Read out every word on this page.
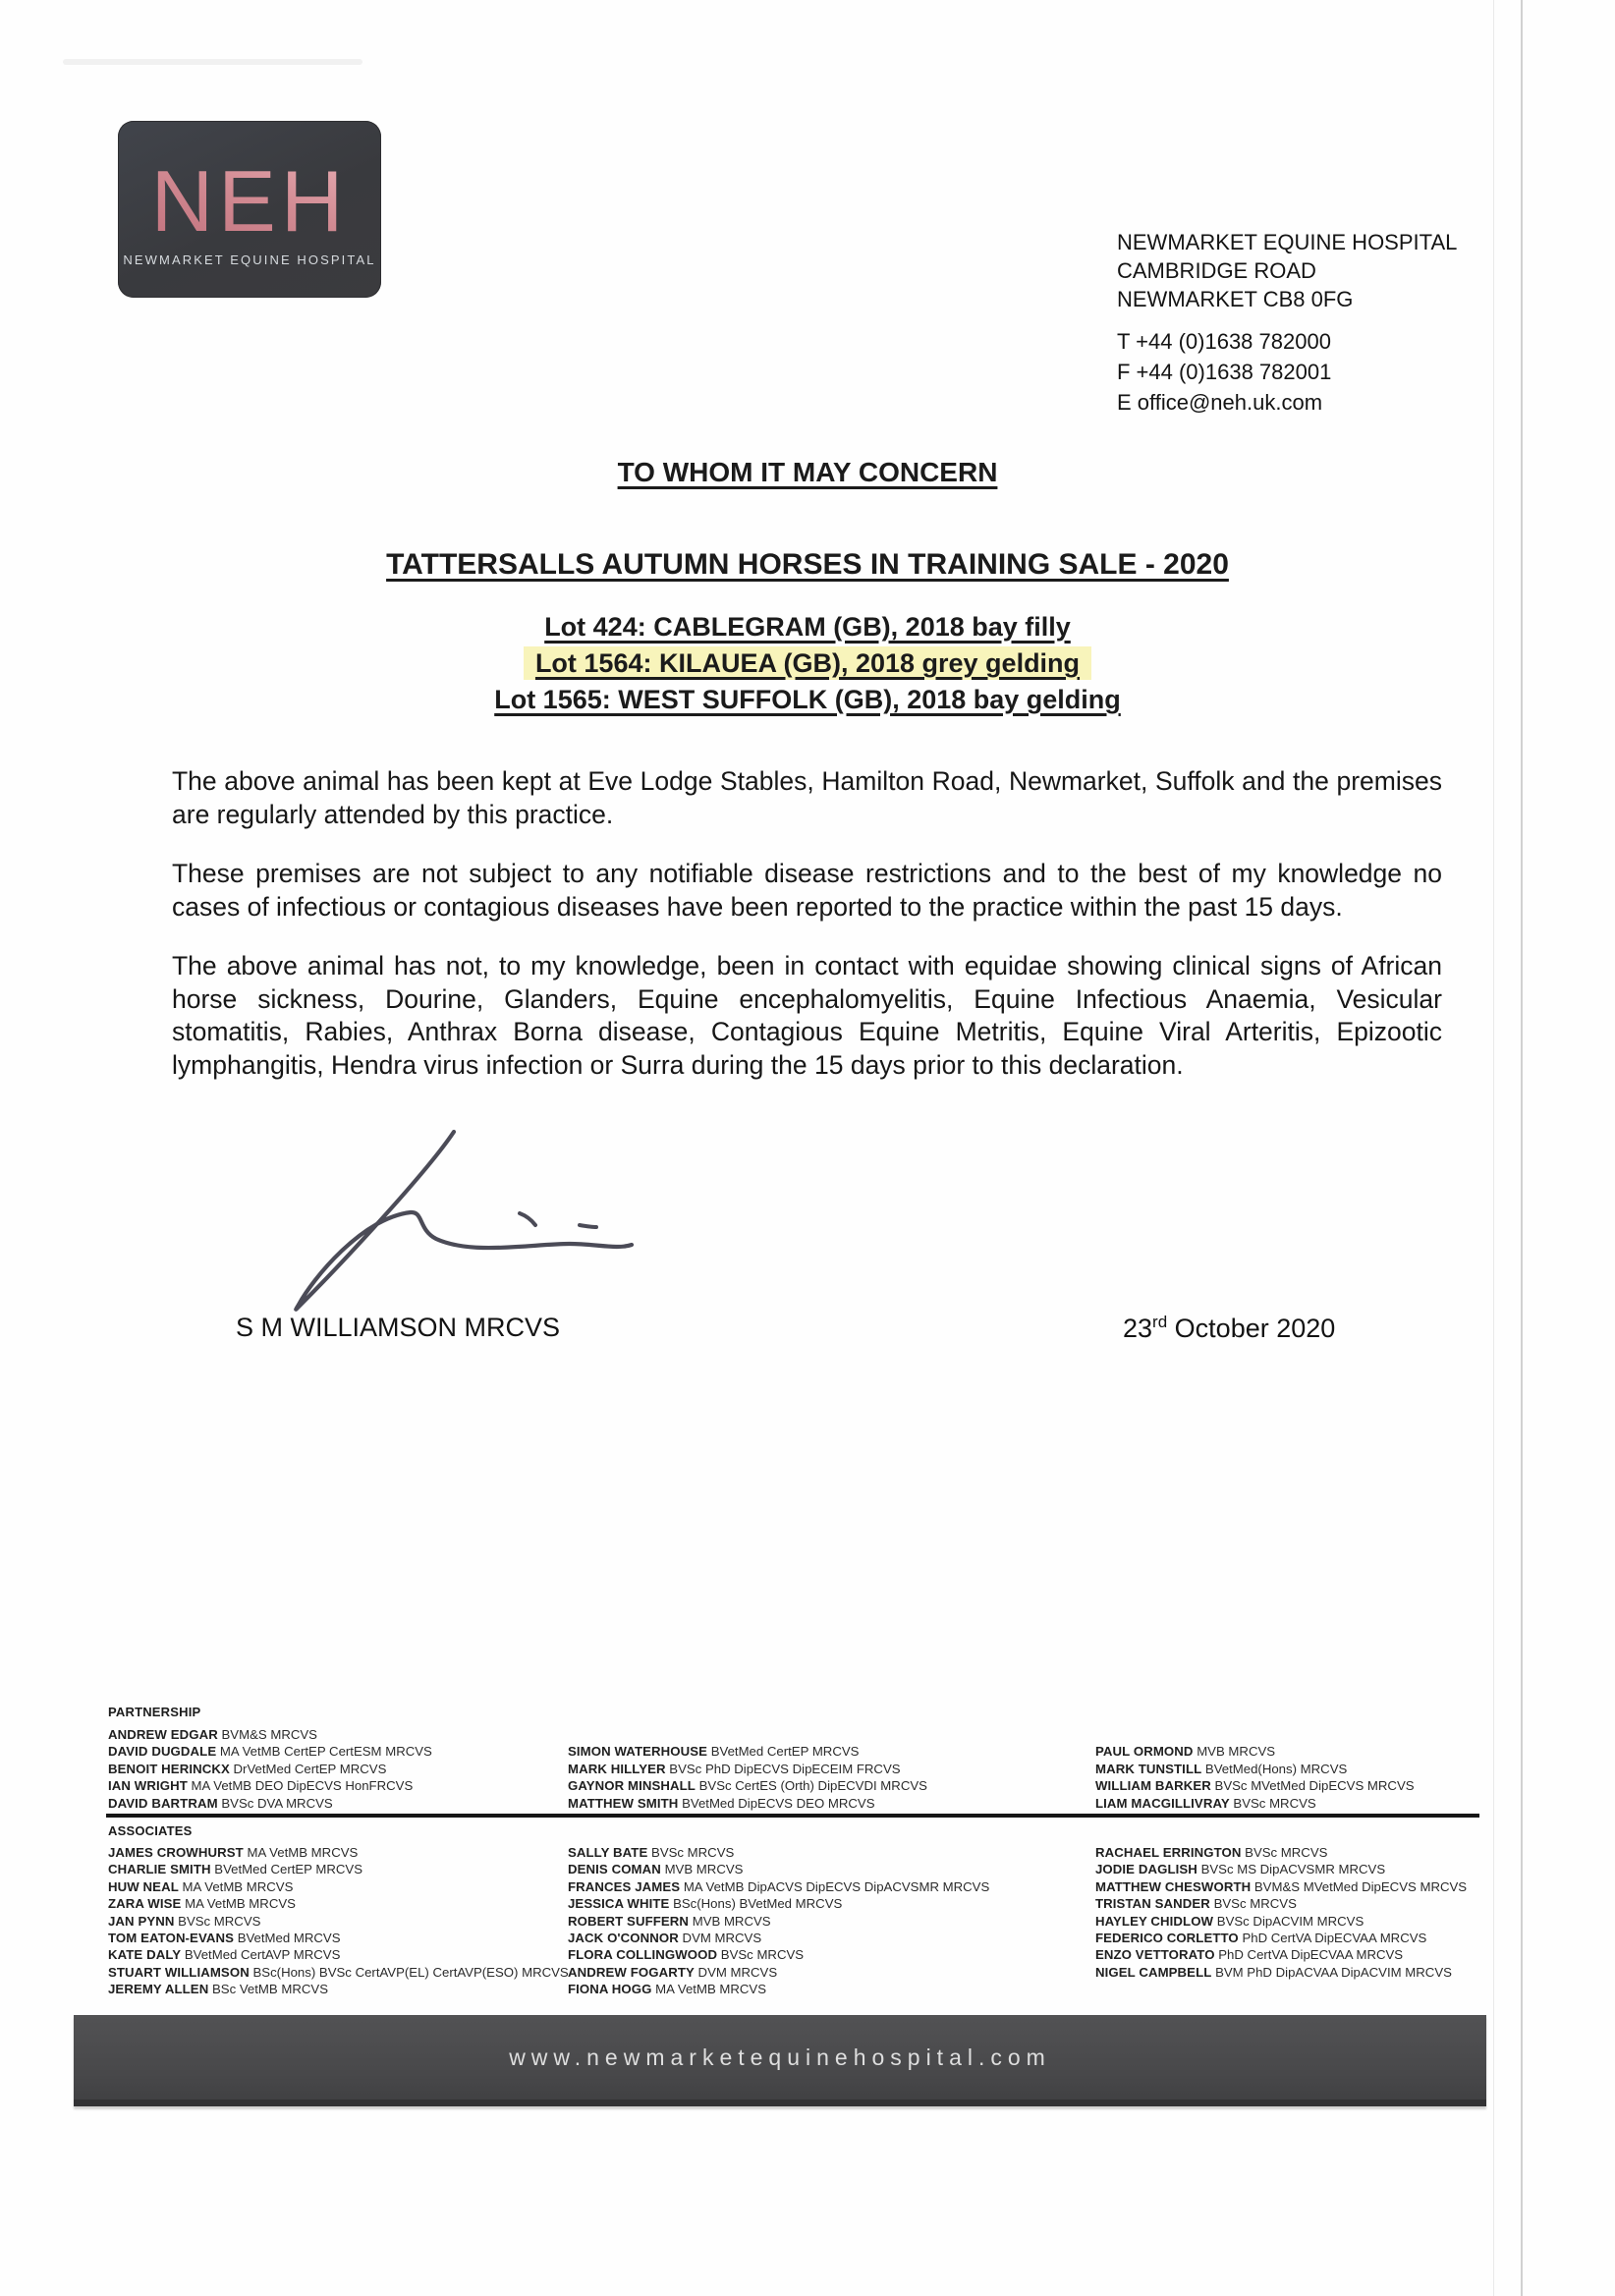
NEH
NEWMARKET EQUINE HOSPITAL
NEWMARKET EQUINE HOSPITAL
CAMBRIDGE ROAD
NEWMARKET CB8 0FG
T +44 (0)1638 782000
F +44 (0)1638 782001
E office@neh.uk.com
TO WHOM IT MAY CONCERN
TATTERSALLS AUTUMN HORSES IN TRAINING SALE - 2020
Lot 424: CABLEGRAM (GB), 2018 bay filly
Lot 1564: KILAUEA (GB), 2018 grey gelding
Lot 1565: WEST SUFFOLK (GB), 2018 bay gelding

The above animal has been kept at Eve Lodge Stables, Hamilton Road, Newmarket, Suffolk and the premises are regularly attended by this practice.

These premises are not subject to any notifiable disease restrictions and to the best of my knowledge no cases of infectious or contagious diseases have been reported to the practice within the past 15 days.

The above animal has not, to my knowledge, been in contact with equidae showing clinical signs of African horse sickness, Dourine, Glanders, Equine encephalomyelitis, Equine Infectious Anaemia, Vesicular stomatitis, Rabies, Anthrax Borna disease, Contagious Equine Metritis, Equine Viral Arteritis, Epizootic lymphangitis, Hendra virus infection or Surra during the 15 days prior to this declaration.

S M WILLIAMSON MRCVS	23rd October 2020
PARTNERSHIP
ANDREW EDGAR BVM&S MRCVS
DAVID DUGDALE MA VetMB CertEP CertESM MRCVS
BENOIT HERINCKX DrVetMed CertEP MRCVS
IAN WRIGHT MA VetMB DEO DipECVS HonFRCVS
DAVID BARTRAM BVSc DVA MRCVS
SIMON WATERHOUSE BVetMed CertEP MRCVS
MARK HILLYER BVSc PhD DipECVS DipECEIM FRCVS
GAYNOR MINSHALL BVSc CertES (Orth) DipECVDI MRCVS
MATTHEW SMITH BVetMed DipECVS DEO MRCVS
PAUL ORMOND MVB MRCVS
MARK TUNSTILL BVetMed(Hons) MRCVS
WILLIAM BARKER BVSc MVetMed DipECVS MRCVS
LIAM MACGILLIVRAY BVSc MRCVS
ASSOCIATES
JAMES CROWHURST MA VetMB MRCVS
CHARLIE SMITH BVetMed CertEP MRCVS
HUW NEAL MA VetMB MRCVS
ZARA WISE MA VetMB MRCVS
JAN PYNN BVSc MRCVS
TOM EATON-EVANS BVetMed MRCVS
KATE DALY BVetMed CertAVP MRCVS
STUART WILLIAMSON BSc(Hons) BVSc CertAVP(EL) CertAVP(ESO) MRCVS
JEREMY ALLEN BSc VetMB MRCVS
SALLY BATE BVSc MRCVS
DENIS COMAN MVB MRCVS
FRANCES JAMES MA VetMB DipACVS DipECVS DipACVSMR MRCVS
JESSICA WHITE BSc(Hons) BVetMed MRCVS
ROBERT SUFFERN MVB MRCVS
JACK O'CONNOR DVM MRCVS
FLORA COLLINGWOOD BVSc MRCVS
ANDREW FOGARTY DVM MRCVS
FIONA HOGG MA VetMB MRCVS
RACHAEL ERRINGTON BVSc MRCVS
JODIE DAGLISH BVSc MS DipACVSMR MRCVS
MATTHEW CHESWORTH BVM&S MVetMed DipECVS MRCVS
TRISTAN SANDER BVSc MRCVS
HAYLEY CHIDLOW BVSc DipACVIM MRCVS
FEDERICO CORLETTO PhD CertVA DipECVAA MRCVS
ENZO VETTORATO PhD CertVA DipECVAA MRCVS
NIGEL CAMPBELL BVM PhD DipACVAA DipACVIM MRCVS
www.newmarketequinehospital.com
